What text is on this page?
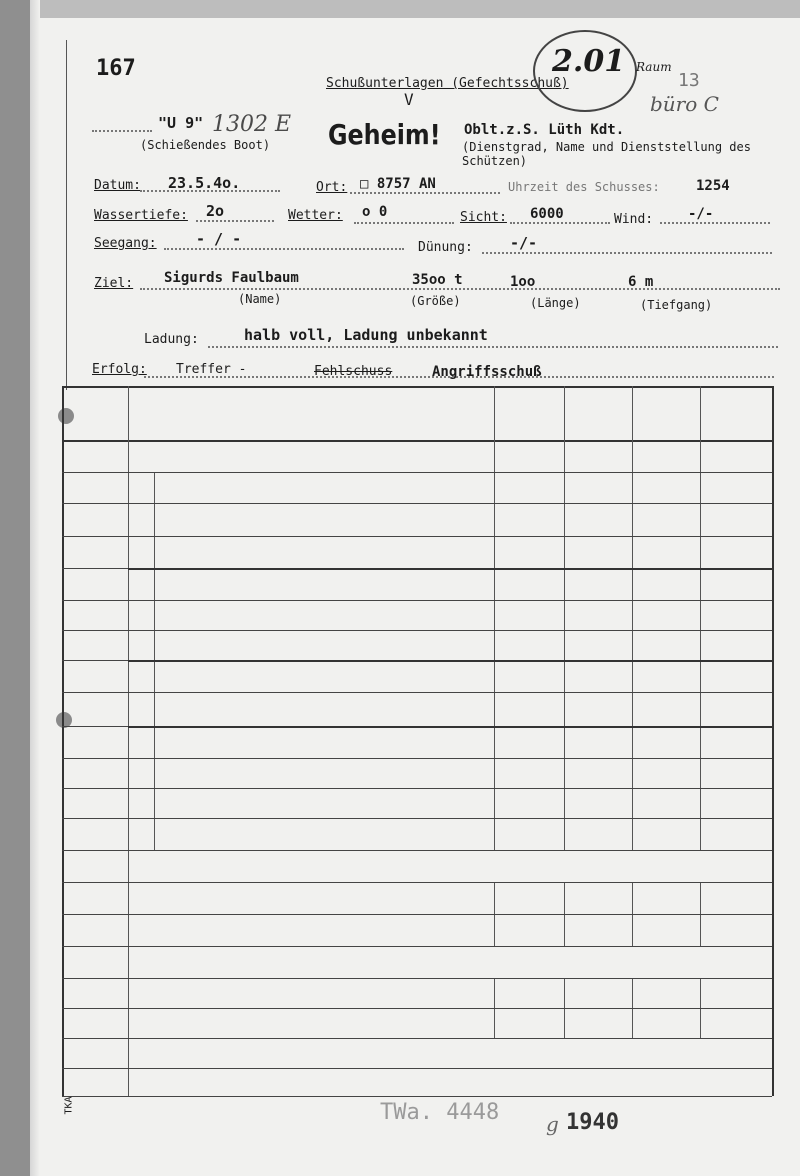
167
Schußunterlagen (Gefechtsschuß)
V
2.01 Raum
13
büro C
"U 9" 1302 E
(Schießendes Boot) Geheim! Oblt.z.S. Lüth Kdt.
(Dienstgrad, Name und Dienststellung des Schützen)
Datum: 23.5.4o.	Ort: □ 8757 AN	Uhrzeit des Schusses:	1254
Wassertiefe: 2o	Wetter: o 0	Sicht: 6000	Wind: -/-
Seegang:	- / -	Dünung: -/-
Ziel: Sigurds Faulbaum	35oo t	1oo	6 m
(Name)	(Größe)	(Länge)	(Tiefgang)
Ladung:	halb voll, Ladung unbekannt
Erfolg: Treffer -	Fehlschuss	Angriffsschuß
TKA	TWa. 4448 g 1940
